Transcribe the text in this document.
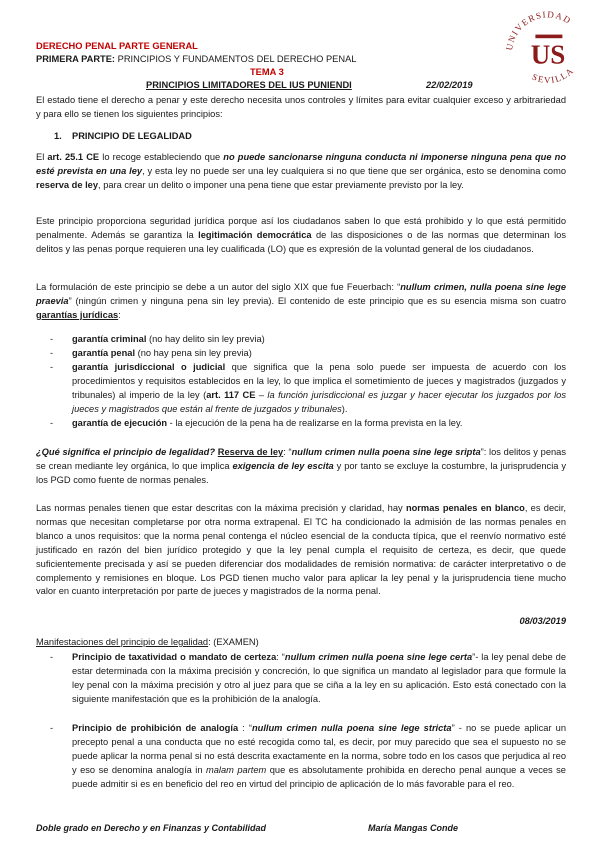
UNIVERSIDAD
SEVILLA
US
DERECHO PENAL PARTE GENERAL
PRIMERA PARTE: PRINCIPIOS Y FUNDAMENTOS DEL DERECHO PENAL
TEMA 3
PRINCIPIOS LIMITADORES DEL IUS PUNIENDI	22/02/2019

El estado tiene el derecho a penar y este derecho necesita unos controles y límites para evitar cualquier exceso y arbitrariedad y para ello se tienen los siguientes principios:

1. PRINCIPIO DE LEGALIDAD

El art. 25.1 CE lo recoge estableciendo que no puede sancionarse ninguna conducta ni imponerse ninguna pena que no esté prevista en una ley, y esta ley no puede ser una ley cualquiera si no que tiene que ser orgánica, esto se denomina como reserva de ley, para crear un delito o imponer una pena tiene que estar previamente previsto por la ley.

Este principio proporciona seguridad jurídica porque así los ciudadanos saben lo que está prohibido y lo que está permitido penalmente. Además se garantiza la legitimación democrática de las disposiciones o de las normas que determinan los delitos y las penas porque requieren una ley cualificada (LO) que es expresión de la voluntad general de los ciudadanos.

La formulación de este principio se debe a un autor del siglo XIX que fue Feuerbach: “nullum crimen, nulla poena sine lege praevia” (ningún crimen y ninguna pena sin ley previa). El contenido de este principio que es su esencia misma son cuatro garantías jurídicas:

- garantía criminal (no hay delito sin ley previa)

- garantía penal (no hay pena sin ley previa)

- garantía jurisdiccional o judicial que significa que la pena solo puede ser impuesta de acuerdo con los procedimientos y requisitos establecidos en la ley, lo que implica el sometimiento de jueces y magistrados (juzgados y tribunales) al imperio de la ley (art. 117 CE – la función jurisdiccional es juzgar y hacer ejecutar los juzgados por los jueces y magistrados que están al frente de juzgados y tribunales).

- garantía de ejecución - la ejecución de la pena ha de realizarse en la forma prevista en la ley.

¿Qué significa el principio de legalidad? Reserva de ley: “nullum crimen nulla poena sine lege sripta”: los delitos y penas se crean mediante ley orgánica, lo que implica exigencia de ley escita y por tanto se excluye la costumbre, la jurisprudencia y los PGD como fuente de normas penales.

Las normas penales tienen que estar descritas con la máxima precisión y claridad, hay normas penales en blanco, es decir, normas que necesitan completarse por otra norma extrapenal. El TC ha condicionado la admisión de las normas penales en blanco a unos requisitos: que la norma penal contenga el núcleo esencial de la conducta típica, que el reenvío normativo esté justificado en razón del bien jurídico protegido y que la ley penal cumpla el requisito de certeza, es decir, que quede suficientemente precisada y así se pueden diferenciar dos modalidades de remisión normativa: de carácter interpretativo o de complemento y remisiones en bloque. Los PGD tienen mucho valor para aplicar la ley penal y la jurisprudencia tiene mucho valor en cuanto interpretación por parte de jueces y magistrados de la norma penal.

08/03/2019
Manifestaciones del principio de legalidad: (EXAMEN)
- Principio de taxatividad o mandato de certeza: “nullum crimen nulla poena sine lege certa”- la ley penal debe de estar determinada con la máxima precisión y concreción, lo que significa un mandato al legislador para que formule la ley penal con la máxima precisión y otro al juez para que se ciña a la ley en su aplicación. Esto está conectado con la siguiente manifestación que es la prohibición de la analogía.

- Principio de prohibición de analogía : “nullum crimen nulla poena sine lege stricta” - no se puede aplicar un precepto penal a una conducta que no esté recogida como tal, es decir, por muy parecido que sea el supuesto no se puede aplicar la norma penal si no está descrita exactamente en la norma, sobre todo en los casos que perjudica al reo y eso se denomina analogía in malam partem que es absolutamente prohibida en derecho penal aunque a veces se puede admitir si es en beneficio del reo en virtud del principio de aplicación de lo más favorable para el reo.

Doble grado en Derecho y en Finanzas y Contabilidad	María Mangas Conde
